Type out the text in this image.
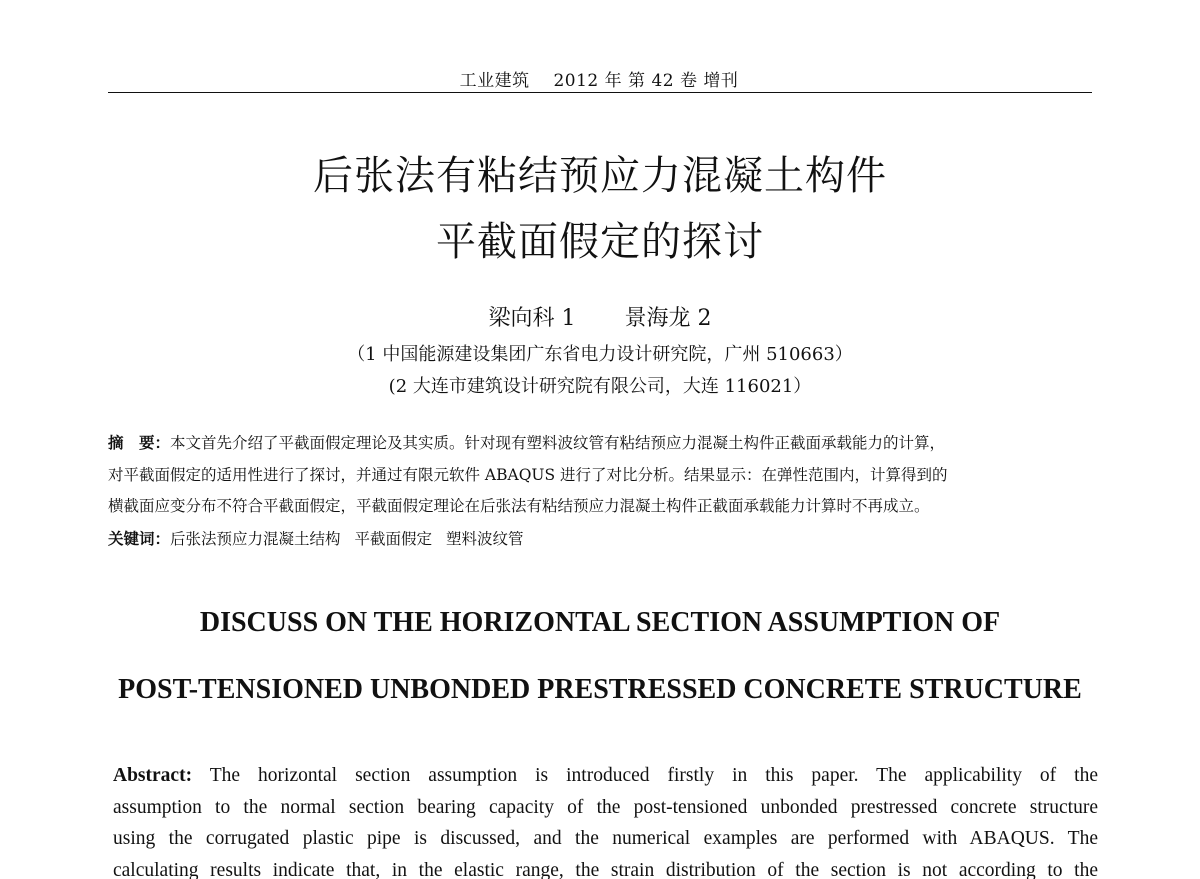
工业建筑 2012 年 第 42 卷 增刊
后张法有粘结预应力混凝土构件
平截面假定的探讨
梁向科 1 景海龙 2
（1 中国能源建设集团广东省电力设计研究院，广州 510663）
(2 大连市建筑设计研究院有限公司，大连 116021）
摘　要：本文首先介绍了平截面假定理论及其实质。针对现有塑料波纹管有粘结预应力混凝土构件正截面承载能力的计算，
对平截面假定的适用性进行了探讨，并通过有限元软件 ABAQUS 进行了对比分析。结果显示：在弹性范围内，计算得到的
横截面应变分布不符合平截面假定，平截面假定理论在后张法有粘结预应力混凝土构件正截面承载能力计算时不再成立。
关键词：后张法预应力混凝土结构 平截面假定 塑料波纹管
DISCUSS ON THE HORIZONTAL SECTION ASSUMPTION OF
POST-TENSIONED UNBONDED PRESTRESSED CONCRETE STRUCTURE
Abstract: The horizontal section assumption is introduced firstly in this paper. The applicability of the
assumption to the normal section bearing capacity of the post-tensioned unbonded prestressed concrete structure
using the corrugated plastic pipe is discussed, and the numerical examples are performed with ABAQUS. The
calculating results indicate that, in the elastic range, the strain distribution of the section is not according to the
